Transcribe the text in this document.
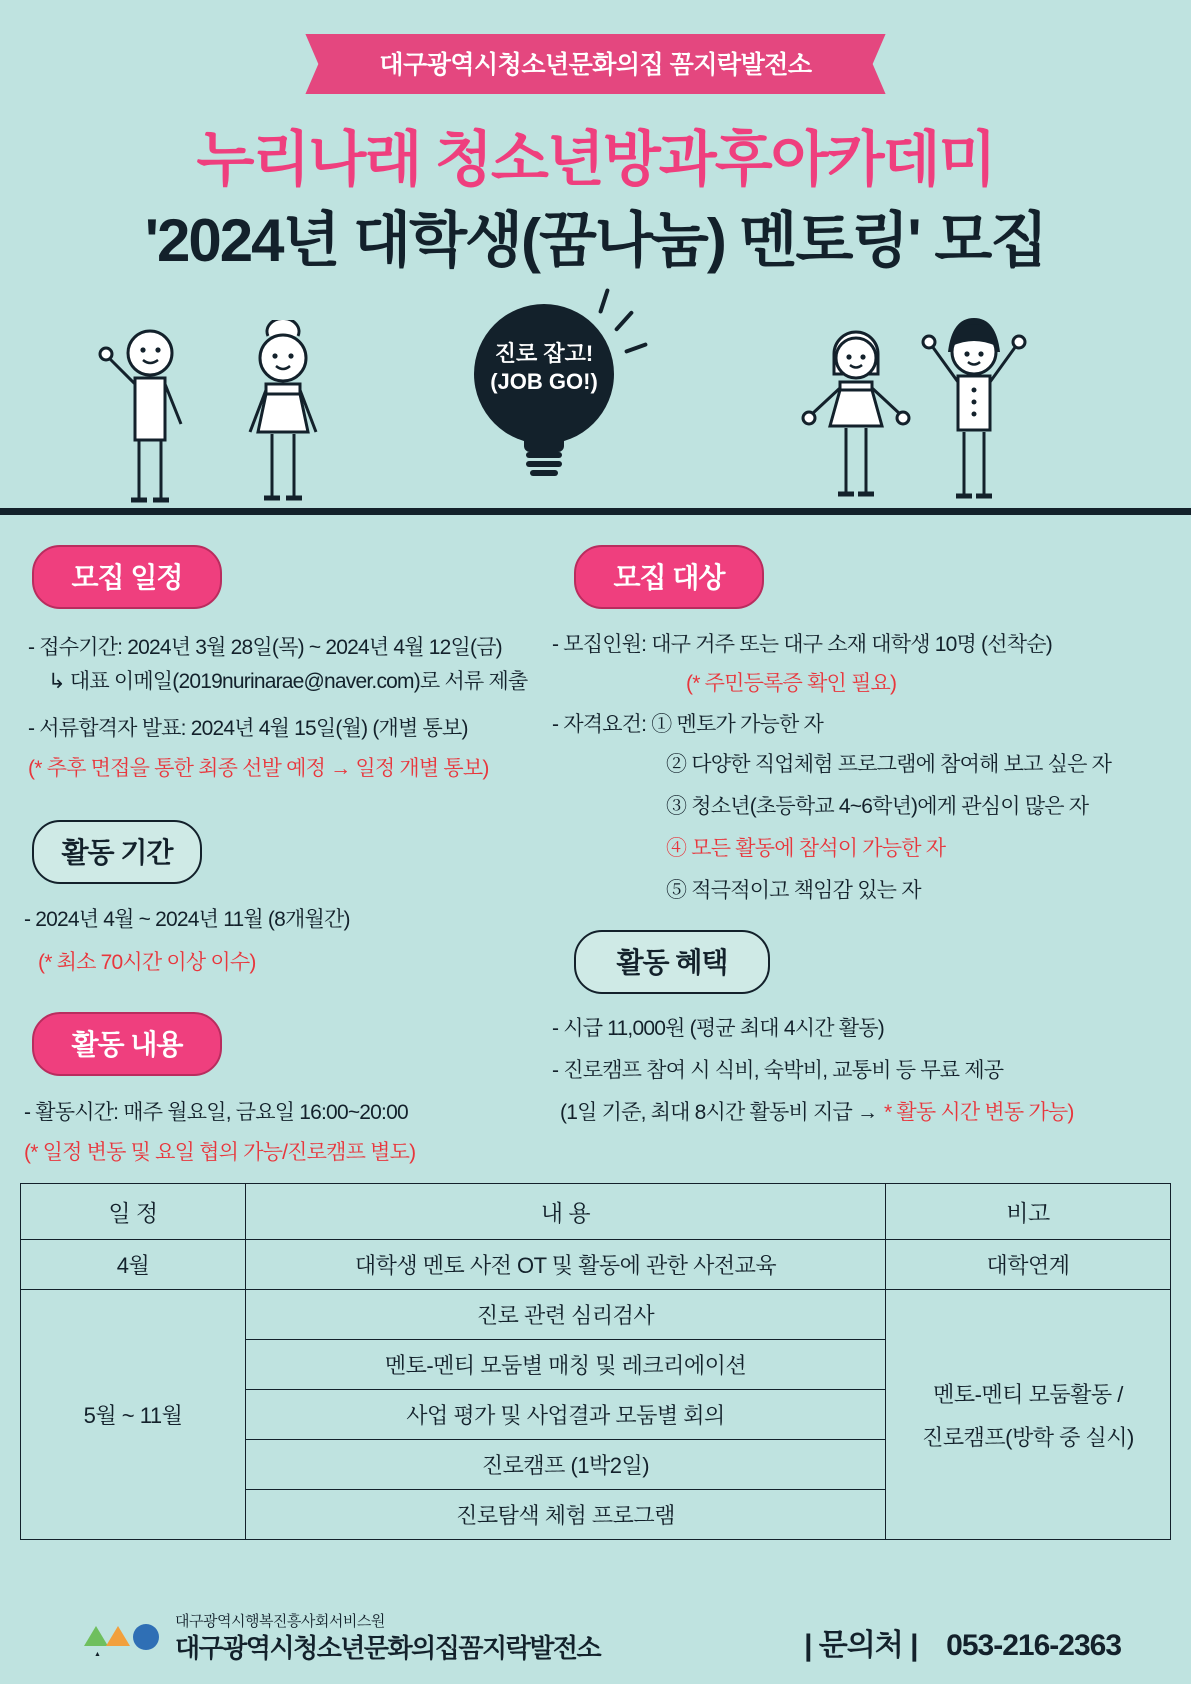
대구광역시청소년문화의집 꼼지락발전소
누리나래 청소년방과후아카데미
'2024년 대학생(꿈나눔) 멘토링' 모집
진로 잡고!
(JOB GO!)
모집 일정
- 접수기간: 2024년 3월 28일(목) ~ 2024년 4월 12일(금)
↳ 대표 이메일(2019nurinarae@naver.com)로 서류 제출
- 서류합격자 발표: 2024년 4월 15일(월) (개별 통보)
(* 추후 면접을 통한 최종 선발 예정 → 일정 개별 통보)
활동 기간
- 2024년 4월 ~ 2024년 11월 (8개월간)
(* 최소 70시간 이상 이수)
활동 내용
- 활동시간: 매주 월요일, 금요일 16:00~20:00
(* 일정 변동 및 요일 협의 가능/진로캠프 별도)
모집 대상
- 모집인원: 대구 거주 또는 대구 소재 대학생 10명 (선착순)
(* 주민등록증 확인 필요)
- 자격요건: ① 멘토가 가능한 자
② 다양한 직업체험 프로그램에 참여해 보고 싶은 자
③ 청소년(초등학교 4~6학년)에게 관심이 많은 자
④ 모든 활동에 참석이 가능한 자
⑤ 적극적이고 책임감 있는 자
활동 혜택
- 시급 11,000원 (평균 최대 4시간 활동)
- 진로캠프 참여 시 식비, 숙박비, 교통비 등 무료 제공
(1일 기준, 최대 8시간 활동비 지급 → * 활동 시간 변동 가능)
일 정	내 용	비고
4월	대학생 멘토 사전 OT 및 활동에 관한 사전교육	대학연계
5월 ~ 11월	진로 관련 심리검사	멘토-멘티 모둠활동 /
진로캠프(방학 중 실시)

	멘토-멘티 모둠별 매칭 및 레크리에이션	
	사업 평가 및 사업결과 모둠별 회의	
	진로캠프 (1박2일)	
	진로탐색 체험 프로그램	
▲
대구광역시행복진흥사회서비스원
대구광역시청소년문화의집꼼지락발전소	| 문의처 | 053-216-2363
